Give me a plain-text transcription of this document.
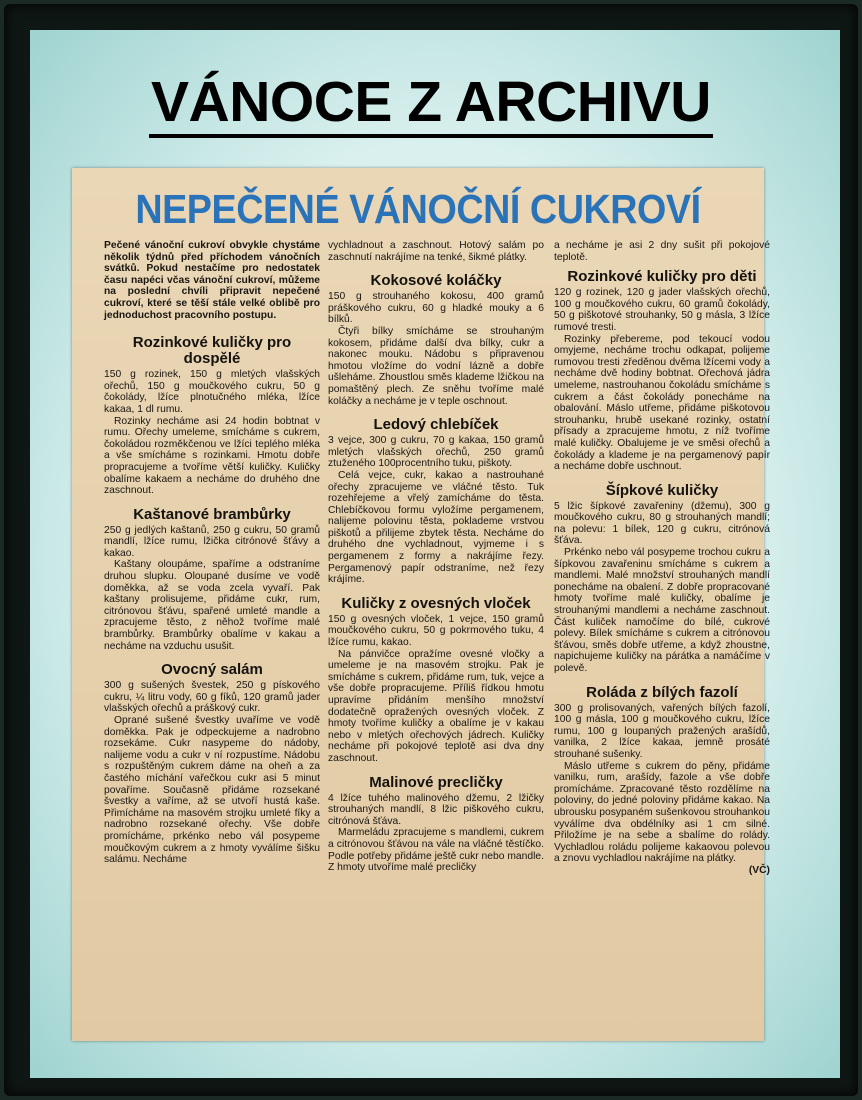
VÁNOCE Z ARCHIVU
NEPEČENÉ VÁNOČNÍ CUKROVÍ

Pečené vánoční cukroví obvykle chystáme několik týdnů před příchodem vánočních svátků. Pokud nestačíme pro nedostatek času napéci včas vánoční cukroví, můžeme na poslední chvíli připravit nepečené cukroví, které se těší stále velké oblibě pro jednoduchost pracovního postupu.

Rozinkové kuličky pro dospělé

150 g rozinek, 150 g mletých vlašských ořechů, 150 g moučkového cukru, 50 g čokolády, lžíce plnotučného mléka, lžíce kakaa, 1 dl rumu.

Rozinky necháme asi 24 hodin bobtnat v rumu. Ořechy umeleme, smícháme s cukrem, čokoládou rozměkčenou ve lžíci teplého mléka a vše smícháme s rozinkami. Hmotu dobře propracujeme a tvoříme větší kuličky. Kuličky obalíme kakaem a necháme do druhého dne zaschnout.

Kaštanové brambůrky

250 g jedlých kaštanů, 250 g cukru, 50 gramů mandlí, lžíce rumu, lžička citrónové šťávy a kakao.

Kaštany oloupáme, spaříme a odstraníme druhou slupku. Oloupané dusíme ve vodě doměkka, až se voda zcela vyvaří. Pak kaštany prolisujeme, přidáme cukr, rum, citrónovou šťávu, spařené umleté mandle a zpracujeme těsto, z něhož tvoříme malé brambůrky. Brambůrky obalíme v kakau a necháme na vzduchu usušit.

Ovocný salám

300 g sušených švestek, 250 g pískového cukru, ¼ litru vody, 60 g fíků, 120 gramů jader vlašských ořechů a práškový cukr.

Oprané sušené švestky uvaříme ve vodě doměkka. Pak je odpeckujeme a nadrobno rozsekáme. Cukr nasypeme do nádoby, nalijeme vodu a cukr v ní rozpustíme. Nádobu s rozpuštěným cukrem dáme na oheň a za častého míchání vařečkou cukr asi 5 minut povaříme. Současně přidáme rozsekané švestky a vaříme, až se utvoří hustá kaše. Přimícháme na masovém strojku umleté fíky a nadrobno rozsekané ořechy. Vše dobře promícháme, prkénko nebo vál posypeme moučkovým cukrem a z hmoty vyválíme šišku salámu. Necháme

vychladnout a zaschnout. Hotový salám po zaschnutí nakrájíme na tenké, šikmé plátky.

Kokosové koláčky

150 g strouhaného kokosu, 400 gramů práškového cukru, 60 g hladké mouky a 6 bílků.

Čtyři bílky smícháme se strouhaným kokosem, přidáme další dva bílky, cukr a nakonec mouku. Nádobu s připravenou hmotou vložíme do vodní lázně a dobře ušleháme. Zhoustlou směs klademe lžičkou na pomaštěný plech. Ze sněhu tvoříme malé koláčky a necháme je v teple oschnout.

Ledový chlebíček

3 vejce, 300 g cukru, 70 g kakaa, 150 gramů mletých vlašských ořechů, 250 gramů ztuženého 100procentního tuku, piškoty.

Celá vejce, cukr, kakao a nastrouhané ořechy zpracujeme ve vláčné těsto. Tuk rozehřejeme a vřelý zamícháme do těsta. Chlebíčkovou formu vyložíme pergamenem, nalijeme polovinu těsta, poklademe vrstvou piškotů a přilijeme zbytek těsta. Necháme do druhého dne vychladnout, vyjmeme i s pergamenem z formy a nakrájíme řezy. Pergamenový papír odstraníme, než řezy krájíme.

Kuličky z ovesných vloček

150 g ovesných vloček, 1 vejce, 150 gramů moučkového cukru, 50 g pokrmového tuku, 4 lžíce rumu, kakao.

Na pánvičce opražíme ovesné vločky a umeleme je na masovém strojku. Pak je smícháme s cukrem, přidáme rum, tuk, vejce a vše dobře propracujeme. Příliš řídkou hmotu upravíme přidáním menšího množství dodatečně opražených ovesných vloček. Z hmoty tvoříme kuličky a obalíme je v kakau nebo v mletých ořechových jádrech. Kuličky necháme při pokojové teplotě asi dva dny zaschnout.

Malinové precličky

4 lžíce tuhého malinového džemu, 2 lžičky strouhaných mandlí, 8 lžic piškového cukru, citrónová šťáva.

Marmeládu zpracujeme s mandlemi, cukrem a citrónovou šťávou na vále na vláčné těstíčko. Podle potřeby přidáme ještě cukr nebo mandle. Z hmoty utvoříme malé precličky

a necháme je asi 2 dny sušit při pokojové teplotě.

Rozinkové kuličky pro děti

120 g rozinek, 120 g jader vlašských ořechů, 100 g moučkového cukru, 60 gramů čokolády, 50 g piškotové strouhanky, 50 g másla, 3 lžíce rumové tresti.

Rozinky přebereme, pod tekoucí vodou omyjeme, necháme trochu odkapat, polijeme rumovou tresti zředěnou dvěma lžícemi vody a necháme dvě hodiny bobtnat. Ořechová jádra umeleme, nastrouhanou čokoládu smícháme s cukrem a část čokolády ponecháme na obalování. Máslo utřeme, přidáme piškotovou strouhanku, hrubě usekané rozinky, ostatní přísady a zpracujeme hmotu, z níž tvoříme malé kuličky. Obalujeme je ve směsi ořechů a čokolády a klademe je na pergamenový papír a necháme dobře uschnout.

Šípkové kuličky

5 lžic šípkové zavařeniny (džemu), 300 g moučkového cukru, 80 g strouhaných mandlí; na polevu: 1 bílek, 120 g cukru, citrónová šťáva.

Prkénko nebo vál posypeme trochou cukru a šípkovou zavařeninu smícháme s cukrem a mandlemi. Malé množství strouhaných mandlí ponecháme na obalení. Z dobře propracované hmoty tvoříme malé kuličky, obalíme je strouhanými mandlemi a necháme zaschnout. Část kuliček namočíme do bílé, cukrové polevy. Bílek smícháme s cukrem a citrónovou šťávou, směs dobře utřeme, a když zhoustne, napichujeme kuličky na párátka a namáčíme v polevě.

Roláda z bílých fazolí

300 g prolisovaných, vařených bílých fazolí, 100 g másla, 100 g moučkového cukru, lžíce rumu, 100 g loupaných pražených arašídů, vanilka, 2 lžíce kakaa, jemně prosáté strouhané sušenky.

Máslo utřeme s cukrem do pěny, přidáme vanilku, rum, arašídy, fazole a vše dobře promícháme. Zpracované těsto rozdělíme na poloviny, do jedné poloviny přidáme kakao. Na ubrousku posypaném sušenkovou strouhankou vyválíme dva obdélníky asi 1 cm silné. Přiložíme je na sebe a sbalíme do rolády. Vychladlou roládu polijeme kakaovou polevou a znovu vychladlou nakrájíme na plátky.

(VČ)
